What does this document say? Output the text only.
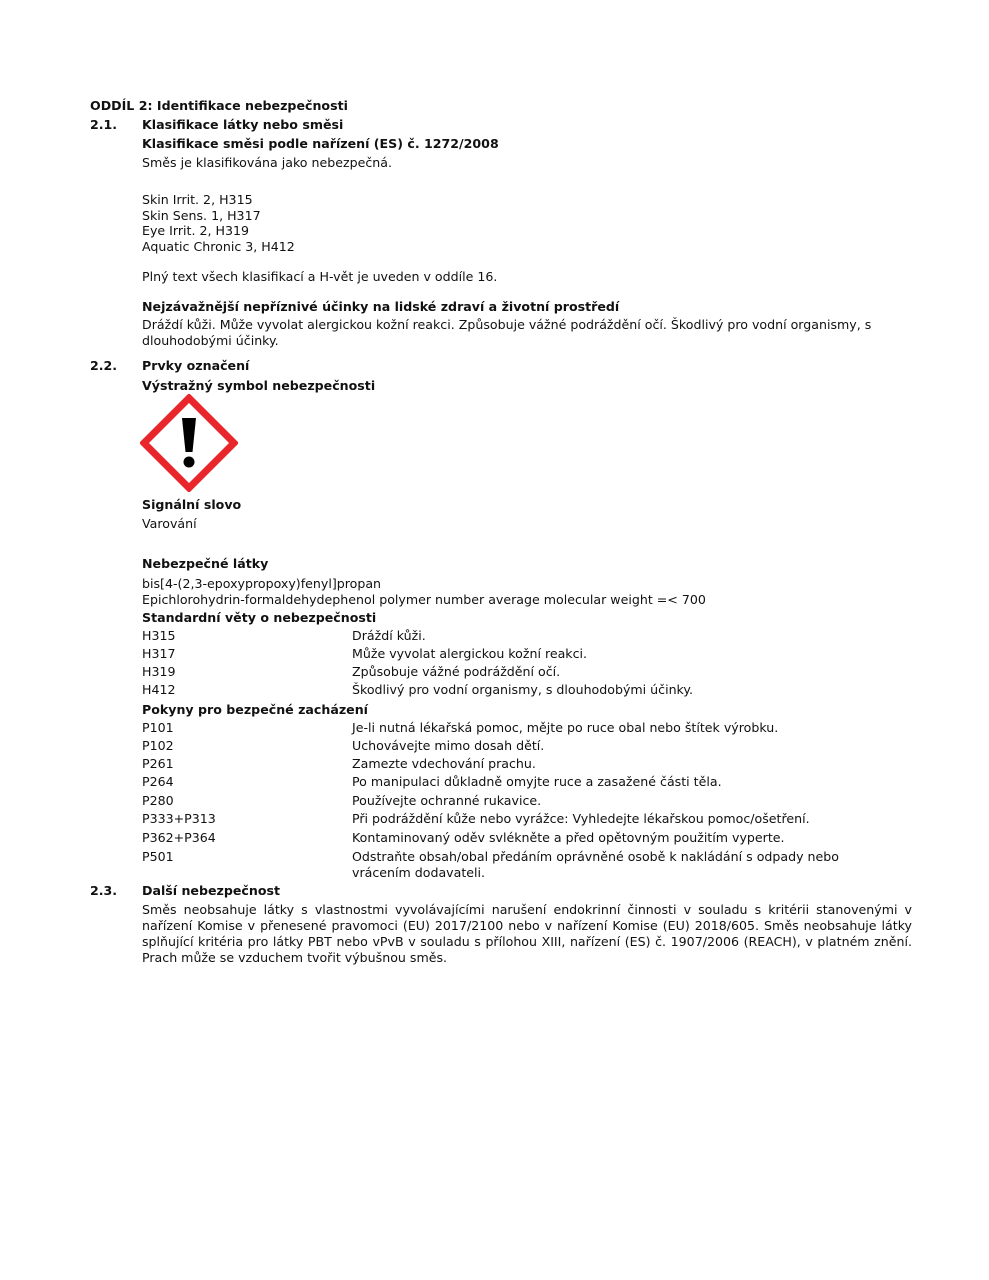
ODDÍL 2: Identifikace nebezpečnosti
2.1. Klasifikace látky nebo směsi
Klasifikace směsi podle nařízení (ES) č. 1272/2008
Směs je klasifikována jako nebezpečná.
Skin Irrit. 2, H315
Skin Sens. 1, H317
Eye Irrit. 2, H319
Aquatic Chronic 3, H412
Plný text všech klasifikací a H-vět je uveden v oddíle 16.
Nejzávažnější nepříznivé účinky na lidské zdraví a životní prostředí
Dráždí kůži. Může vyvolat alergickou kožní reakci. Způsobuje vážné podráždění očí. Škodlivý pro vodní organismy, s dlouhodobými účinky.
2.2. Prvky označení
Výstražný symbol nebezpečnosti
Signální slovo
Varování
Nebezpečné látky
bis[4-(2,3-epoxypropoxy)fenyl]propan
Epichlorohydrin-formaldehydephenol polymer number average molecular weight =< 700
Standardní věty o nebezpečnosti
H315	Dráždí kůži.
H317	Může vyvolat alergickou kožní reakci.
H319	Způsobuje vážné podráždění očí.
H412	Škodlivý pro vodní organismy, s dlouhodobými účinky.
Pokyny pro bezpečné zacházení
P101	Je-li nutná lékařská pomoc, mějte po ruce obal nebo štítek výrobku.
P102	Uchovávejte mimo dosah dětí.
P261	Zamezte vdechování prachu.
P264	Po manipulaci důkladně omyjte ruce a zasažené části těla.
P280	Používejte ochranné rukavice.
P333+P313	Při podráždění kůže nebo vyrážce: Vyhledejte lékařskou pomoc/ošetření.
P362+P364	Kontaminovaný oděv svlékněte a před opětovným použitím vyperte.
P501	Odstraňte obsah/obal předáním oprávněné osobě k nakládání s odpady nebo vrácením dodavateli.
2.3. Další nebezpečnost
Směs neobsahuje látky s vlastnostmi vyvolávajícími narušení endokrinní činnosti v souladu s kritérii stanovenými v nařízení Komise v přenesené pravomoci (EU) 2017/2100 nebo v nařízení Komise (EU) 2018/605. Směs neobsahuje látky splňující kritéria pro látky PBT nebo vPvB v souladu s přílohou XIII, nařízení (ES) č. 1907/2006 (REACH), v platném znění. Prach může se vzduchem tvořit výbušnou směs.
